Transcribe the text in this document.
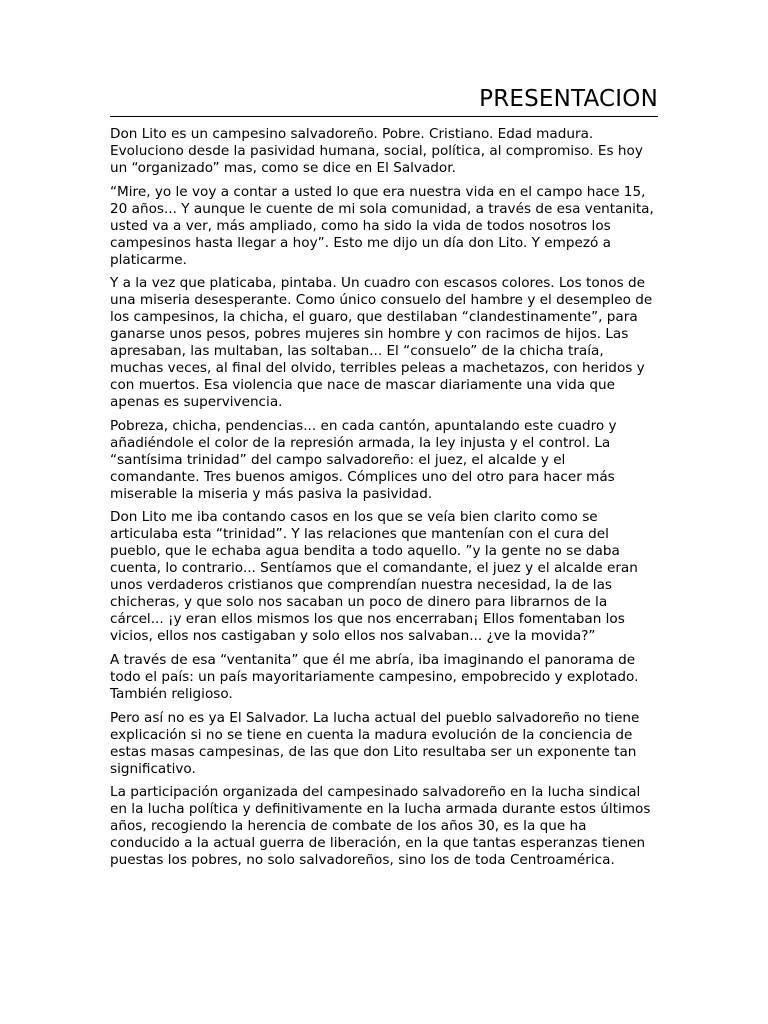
PRESENTACION

Don Lito es un campesino salvadoreño. Pobre. Cristiano. Edad madura. Evoluciono desde la pasividad humana, social, política, al compromiso. Es hoy un “organizado” mas, como se dice en El Salvador.

“Mire, yo le voy a contar a usted lo que era nuestra vida en el campo hace 15, 20 años... Y aunque le cuente de mi sola comunidad, a través de esa ventanita, usted va a ver, más ampliado, como ha sido la vida de todos nosotros los campesinos hasta llegar a hoy”. Esto me dijo un día don Lito. Y empezó a platicarme.

Y a la vez que platicaba, pintaba. Un cuadro con escasos colores. Los tonos de una miseria desesperante. Como único consuelo del hambre y el desempleo de los campesinos, la chicha, el guaro, que destilaban “clandestinamente”, para ganarse unos pesos, pobres mujeres sin hombre y con racimos de hijos. Las apresaban, las multaban, las soltaban... El “consuelo” de la chicha traía, muchas veces, al final del olvido, terribles peleas a machetazos, con heridos y con muertos. Esa violencia que nace de mascar diariamente una vida que apenas es supervivencia.

Pobreza, chicha, pendencias... en cada cantón, apuntalando este cuadro y añadiéndole el color de la represión armada, la ley injusta y el control. La “santísima trinidad” del campo salvadoreño: el juez, el alcalde y el comandante. Tres buenos amigos. Cómplices uno del otro para hacer más miserable la miseria y más pasiva la pasividad.

Don Lito me iba contando casos en los que se veía bien clarito como se articulaba esta “trinidad”. Y las relaciones que mantenían con el cura del pueblo, que le echaba agua bendita a todo aquello. ”y la gente no se daba cuenta, lo contrario... Sentíamos que el comandante, el juez y el alcalde eran unos verdaderos cristianos que comprendían nuestra necesidad, la de las chicheras, y que solo nos sacaban un poco de dinero para librarnos de la cárcel... ¡y eran ellos mismos los que nos encerraban¡ Ellos fomentaban los vicios, ellos nos castigaban y solo ellos nos salvaban... ¿ve la movida?”

A través de esa “ventanita” que él me abría, iba imaginando el panorama de todo el país: un país mayoritariamente campesino, empobrecido y explotado. También religioso.

Pero así no es ya El Salvador. La lucha actual del pueblo salvadoreño no tiene explicación si no se tiene en cuenta la madura evolución de la conciencia de estas masas campesinas, de las que don Lito resultaba ser un exponente tan significativo.

La participación organizada del campesinado salvadoreño en la lucha sindical en la lucha política y definitivamente en la lucha armada durante estos últimos años, recogiendo la herencia de combate de los años 30, es la que ha conducido a la actual guerra de liberación, en la que tantas esperanzas tienen puestas los pobres, no solo salvadoreños, sino los de toda Centroamérica.
